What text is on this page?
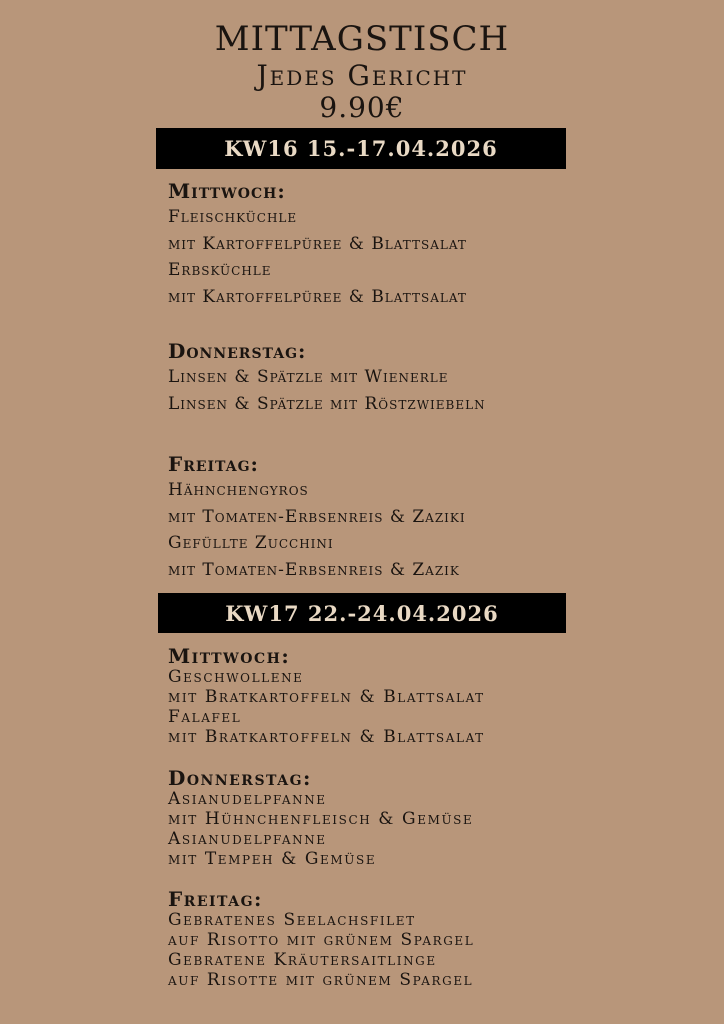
MITTAGSTISCH
Jedes Gericht
9.90€
KW16 15.-17.04.2026
Mittwoch:
Fleischküchle
mit Kartoffelpüree & Blattsalat
Erbsküchle
mit Kartoffelpüree & Blattsalat
Donnerstag:
Linsen & Spätzle mit Wienerle
Linsen & Spätzle mit Röstzwiebeln
Freitag:
Hähnchengyros
mit Tomaten-Erbsenreis & Zaziki
Gefüllte Zucchini
mit Tomaten-Erbsenreis & Zazik
KW17 22.-24.04.2026
Mittwoch:
Geschwollene
mit Bratkartoffeln & Blattsalat
Falafel
mit Bratkartoffeln & Blattsalat
Donnerstag:
Asianudelpfanne
mit Hühnchenfleisch & Gemüse
Asianudelpfanne
mit Tempeh & Gemüse
Freitag:
Gebratenes Seelachsfilet
auf Risotto mit grünem Spargel
Gebratene Kräutersaitlinge
auf Risotte mit grünem Spargel
